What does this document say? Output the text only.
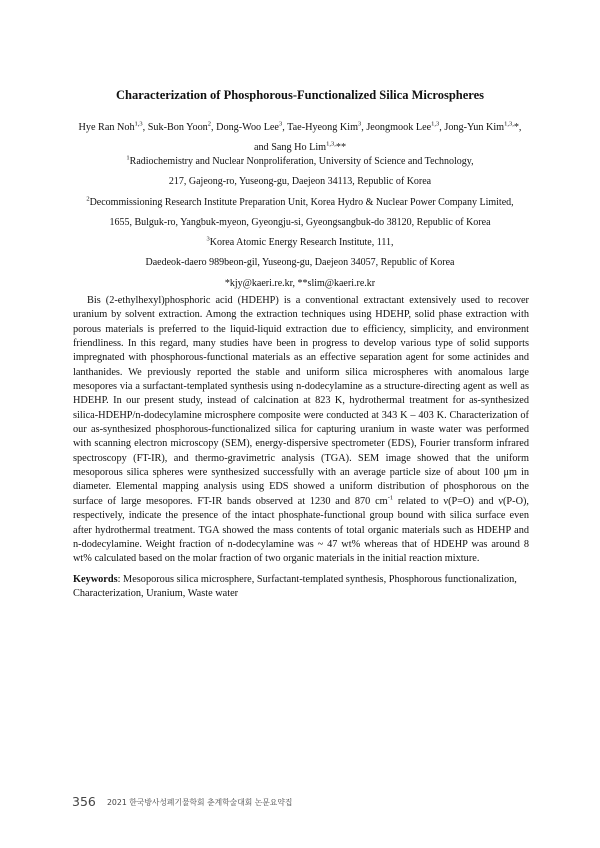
Characterization of Phosphorous-Functionalized Silica Microspheres
Hye Ran Noh$^{1,3}$, Suk-Bon Yoon$^2$, Dong-Woo Lee$^3$, Tae-Hyeong Kim$^3$, Jeongmook Lee$^{1,3}$, Jong-Yun Kim$^{1,3,}$*,
and Sang Ho Lim$^{1,3,}$**
$^1$Radiochemistry and Nuclear Nonproliferation, University of Science and Technology,
217, Gajeong-ro, Yuseong-gu, Daejeon 34113, Republic of Korea
$^2$Decommissioning Research Institute Preparation Unit, Korea Hydro & Nuclear Power Company Limited,
1655, Bulguk-ro, Yangbuk-myeon, Gyeongju-si, Gyeongsangbuk-do 38120, Republic of Korea
$^3$Korea Atomic Energy Research Institute, 111,
Daedeok-daero 989beon-gil, Yuseong-gu, Daejeon 34057, Republic of Korea
*kjy@kaeri.re.kr, **slim@kaeri.re.kr

Bis (2-ethylhexyl)phosphoric acid (HDEHP) is a conventional extractant extensively used to recover uranium by solvent extraction. Among the extraction techniques using HDEHP, solid phase extraction with porous materials is preferred to the liquid-liquid extraction due to efficiency, simplicity, and environment friendliness. In this regard, many studies have been in progress to develop various type of solid supports impregnated with phosphorous-functional materials as an effective separation agent for some actinides and lanthanides. We previously reported the stable and uniform silica microspheres with anomalous large mesopores via a surfactant-templated synthesis using n-dodecylamine as a structure-directing agent as well as HDEHP. In our present study, instead of calcination at 823 K, hydrothermal treatment for as-synthesized silica-HDEHP/n-dodecylamine microsphere composite were conducted at 343 K – 403 K. Characterization of our as-synthesized phosphorous-functionalized silica for capturing uranium in waste water was performed with scanning electron microscopy (SEM), energy-dispersive spectrometer (EDS), Fourier transform infrared spectroscopy (FT-IR), and thermo-gravimetric analysis (TGA). SEM image showed that the uniform mesoporous silica spheres were synthesized successfully with an average particle size of about 100 μm in diameter. Elemental mapping analysis using EDS showed a uniform distribution of phosphorous on the surface of large mesopores. FT-IR bands observed at 1230 and 870 $cm^{-1}$ related to ν(P=O) and ν(P-O), respectively, indicate the presence of the intact phosphate-functional group bound with silica surface even after hydrothermal treatment. TGA showed the mass contents of total organic materials such as HDEHP and n-dodecylamine. Weight fraction of n-dodecylamine was ~ 47 wt% whereas that of HDEHP was around 8 wt% calculated based on the molar fraction of two organic materials in the initial reaction mixture.

Keywords: Mesoporous silica microsphere, Surfactant-templated synthesis, Phosphorous functionalization, Characterization, Uranium, Waste water

356 2021 한국방사성폐기물학회 춘계학술대회 논문요약집
